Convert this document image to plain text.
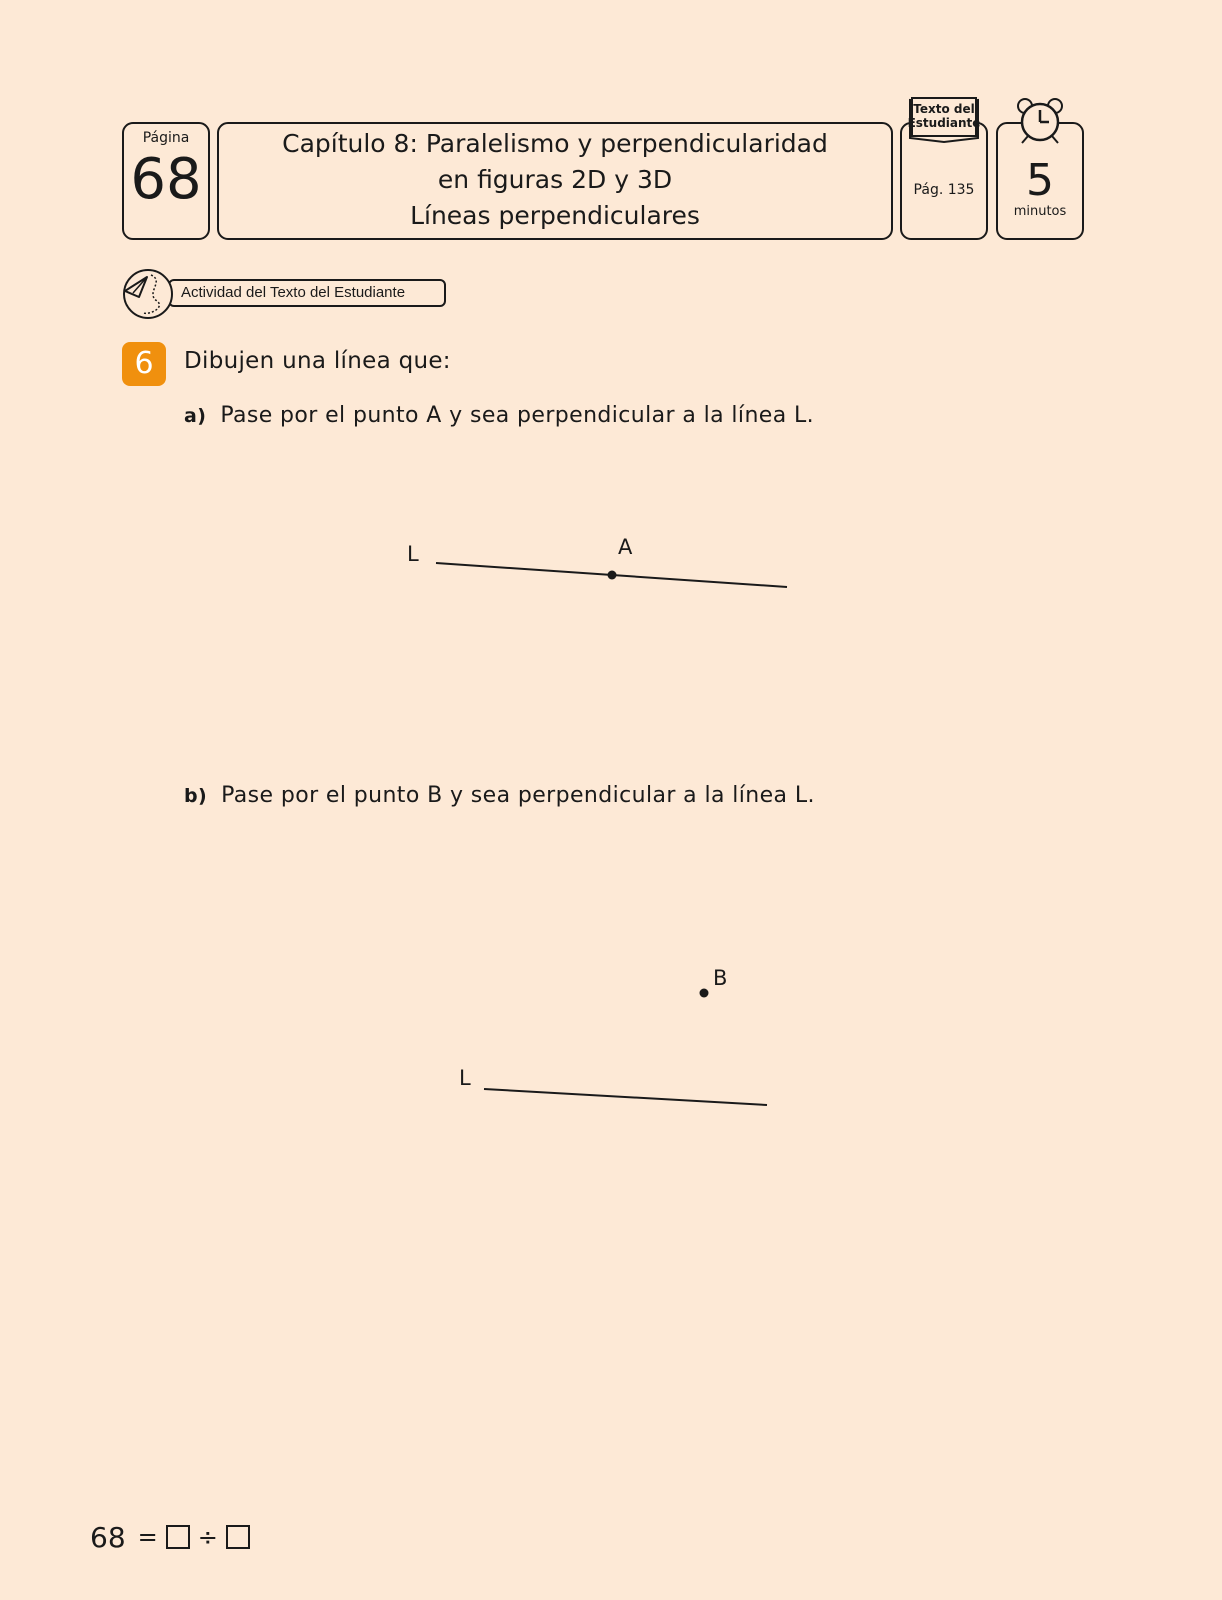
Página
68
Capítulo 8: Paralelismo y perpendicularidad
en figuras 2D y 3D
Líneas perpendiculares
Pág. 135
Texto del
Estudiante
5
minutos
Actividad del Texto del Estudiante
6	Dibujen una línea que:
a) Pase por el punto A y sea perpendicular a la línea L.
b) Pase por el punto B y sea perpendicular a la línea L.
L	A
L
B
68 = ÷
